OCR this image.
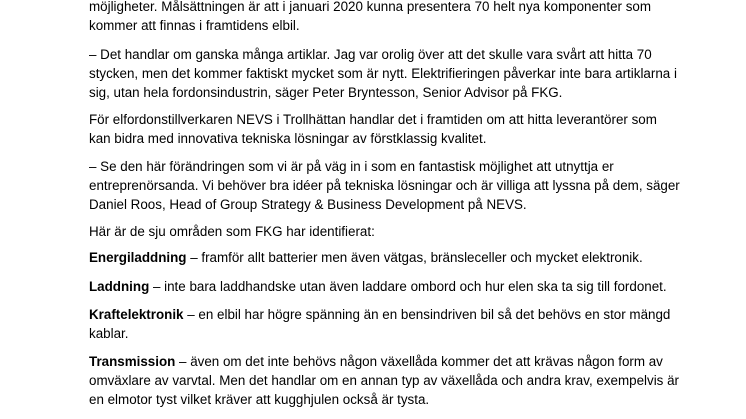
möjligheter. Målsättningen är att i januari 2020 kunna presentera 70 helt nya komponenter som
kommer att finnas i framtidens elbil.

– Det handlar om ganska många artiklar. Jag var orolig över att det skulle vara svårt att hitta 70
stycken, men det kommer faktiskt mycket som är nytt. Elektrifieringen påverkar inte bara artiklarna i
sig, utan hela fordonsindustrin, säger Peter Bryntesson, Senior Advisor på FKG.

För elfordonstillverkaren NEVS i Trollhättan handlar det i framtiden om att hitta leverantörer som
kan bidra med innovativa tekniska lösningar av förstklassig kvalitet.

– Se den här förändringen som vi är på väg in i som en fantastisk möjlighet att utnyttja er
entreprenörsanda. Vi behöver bra idéer på tekniska lösningar och är villiga att lyssna på dem, säger
Daniel Roos, Head of Group Strategy & Business Development på NEVS.

Här är de sju områden som FKG har identifierat:

Energiladdning – framför allt batterier men även vätgas, bränsleceller och mycket elektronik.

Laddning – inte bara laddhandske utan även laddare ombord och hur elen ska ta sig till fordonet.

Kraftelektronik – en elbil har högre spänning än en bensindriven bil så det behövs en stor mängd
kablar.

Transmission – även om det inte behövs någon växellåda kommer det att krävas någon form av
omväxlare av varvtal. Men det handlar om en annan typ av växellåda och andra krav, exempelvis är
en elmotor tyst vilket kräver att kugghjulen också är tysta.
